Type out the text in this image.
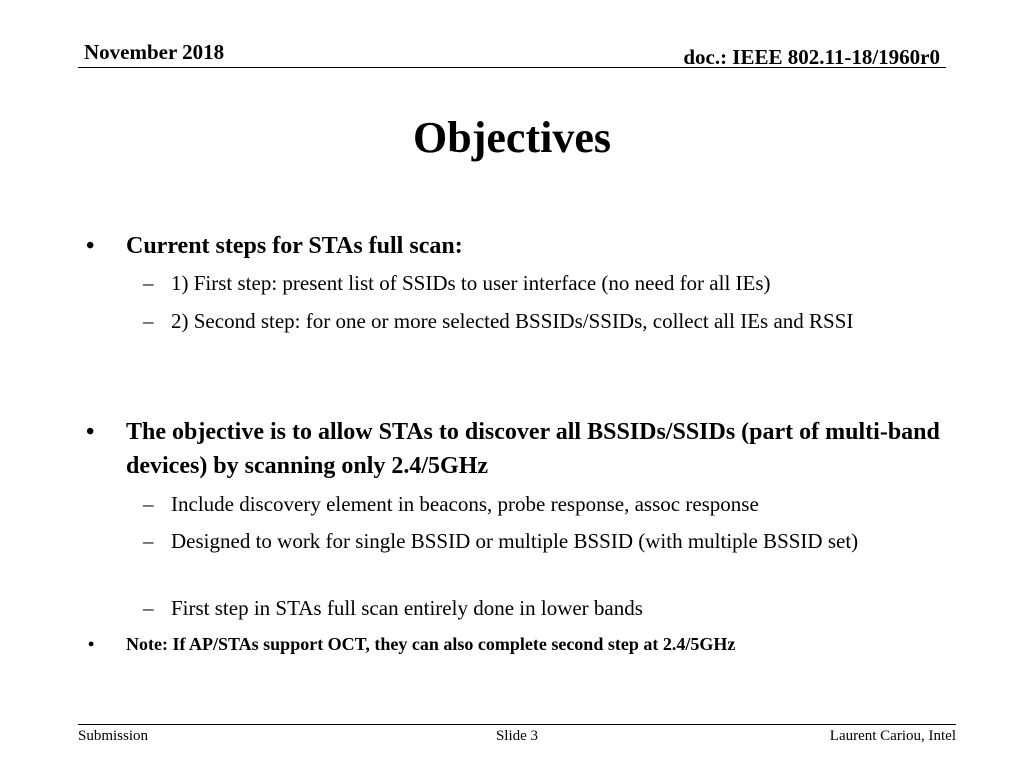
November 2018	doc.: IEEE 802.11-18/1960r0
Objectives
• Current steps for STAs full scan:
– 1) First step: present list of SSIDs to user interface (no need for all IEs)
– 2) Second step: for one or more selected BSSIDs/SSIDs, collect all IEs and RSSI
• The objective is to allow STAs to discover all BSSIDs/SSIDs (part of multi-band devices) by scanning only 2.4/5GHz
– Include discovery element in beacons, probe response, assoc response
– Designed to work for single BSSID or multiple BSSID (with multiple BSSID set)
– First step in STAs full scan entirely done in lower bands
• Note: If AP/STAs support OCT, they can also complete second step at 2.4/5GHz
Submission	Slide 3	Laurent Cariou, Intel
